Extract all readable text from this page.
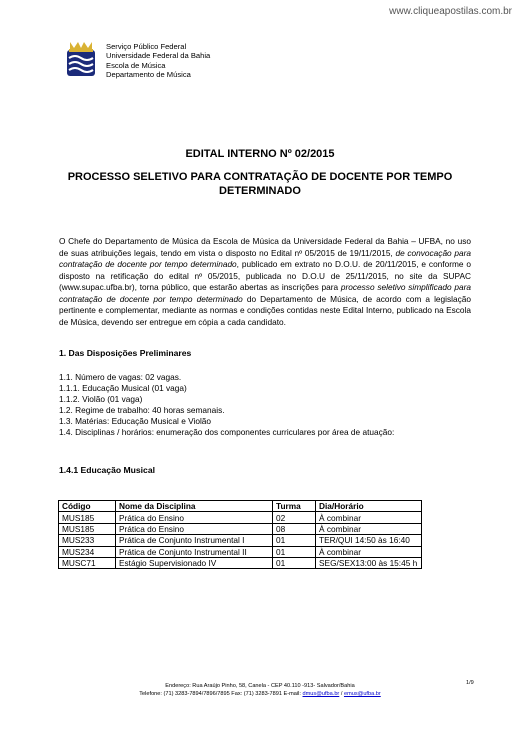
www.cliqueapostilas.com.br
Serviço Público Federal
Universidade Federal da Bahia
Escola de Música
Departamento de Música
EDITAL INTERNO Nº 02/2015
PROCESSO SELETIVO PARA CONTRATAÇÃO DE DOCENTE POR TEMPO DETERMINADO
O Chefe do Departamento de Música da Escola de Música da Universidade Federal da Bahia – UFBA, no uso de suas atribuições legais, tendo em vista o disposto no Edital nº 05/2015 de 19/11/2015, de convocação para contratação de docente por tempo determinado, publicado em extrato no D.O.U. de 20/11/2015, e conforme o disposto na retificação do edital nº 05/2015, publicada no D.O.U de 25/11/2015, no site da SUPAC (www.supac.ufba.br), torna público, que estarão abertas as inscrições para processo seletivo simplificado para contratação de docente por tempo determinado do Departamento de Música, de acordo com a legislação pertinente e complementar, mediante as normas e condições contidas neste Edital Interno, publicado na Escola de Música, devendo ser entregue em cópia a cada candidato.
1. Das Disposições Preliminares
1.1. Número de vagas: 02 vagas.
1.1.1. Educação Musical (01 vaga)
1.1.2. Violão (01 vaga)
1.2. Regime de trabalho: 40 horas semanais.
1.3. Matérias: Educação Musical e Violão
1.4. Disciplinas / horários: enumeração dos componentes curriculares por área de atuação:
1.4.1 Educação Musical
Código	Nome da Disciplina	Turma	Dia/Horário
MUS185	Prática do Ensino	02	À combinar
MUS185	Prática do Ensino	08	À combinar
MUS233	Prática de Conjunto Instrumental I	01	TER/QUI 14:50 às 16:40
MUS234	Prática de Conjunto Instrumental II	01	À combinar
MUSC71	Estágio Supervisionado IV	01	SEG/SEX13:00 às 15:45 h
Endereço: Rua Araújo Pinho, 58, Canela - CEP 40.110 -913- Salvador/Bahia
Telefone: (71) 3283-7894/7896/7895 Fax: (71) 3283-7891 E-mail: dmus@ufba.br / emus@ufba.br
1/9
